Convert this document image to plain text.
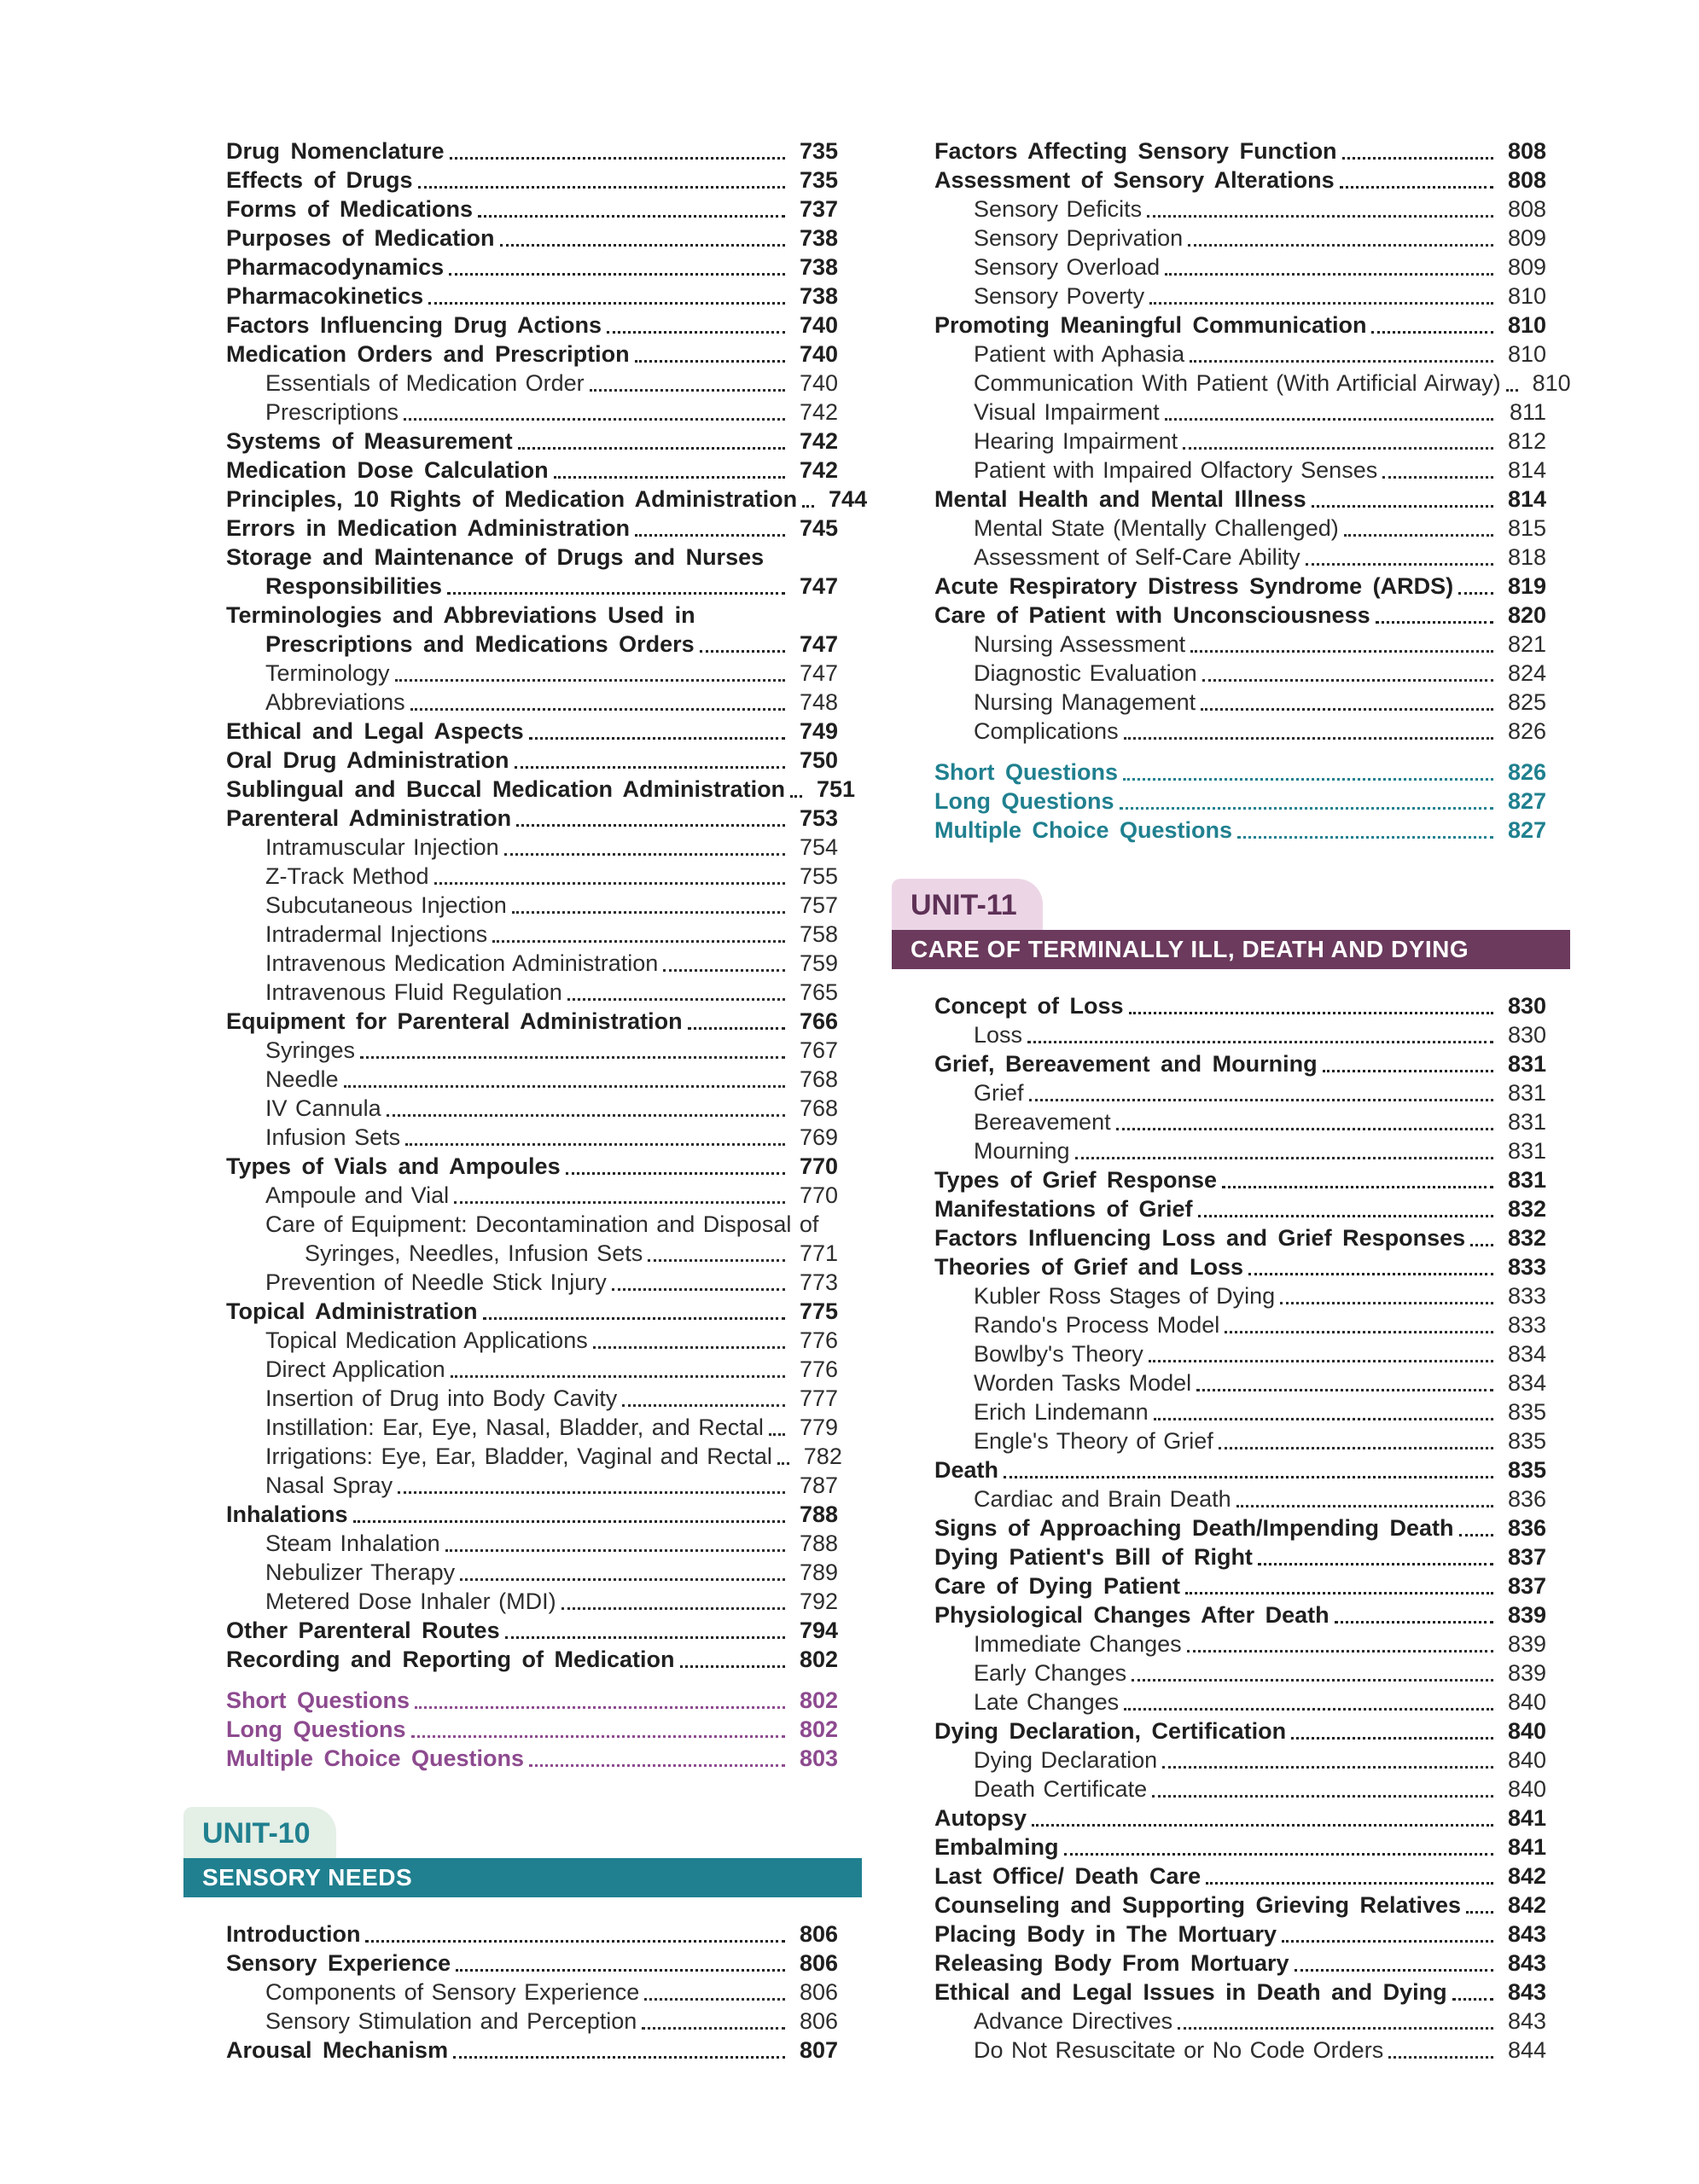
Drug Nomenclature	735
Effects of Drugs	735
Forms of Medications	737
Purposes of Medication	738
Pharmacodynamics	738
Pharmacokinetics	738
Factors Influencing Drug Actions	740
Medication Orders and Prescription	740
Essentials of Medication Order	740
Prescriptions	742
Systems of Measurement	742
Medication Dose Calculation	742
Principles, 10 Rights of Medication Administration	744
Errors in Medication Administration	745
Storage and Maintenance of Drugs and Nurses
Responsibilities	747
Terminologies and Abbreviations Used in
Prescriptions and Medications Orders	747
Terminology	747
Abbreviations	748
Ethical and Legal Aspects	749
Oral Drug Administration	750
Sublingual and Buccal Medication Administration	751
Parenteral Administration	753
Intramuscular Injection	754
Z-Track Method	755
Subcutaneous Injection	757
Intradermal Injections	758
Intravenous Medication Administration	759
Intravenous Fluid Regulation	765
Equipment for Parenteral Administration	766
Syringes	767
Needle	768
IV Cannula	768
Infusion Sets	769
Types of Vials and Ampoules	770
Ampoule and Vial	770
Care of Equipment: Decontamination and Disposal of
Syringes, Needles, Infusion Sets	771
Prevention of Needle Stick Injury	773
Topical Administration	775
Topical Medication Applications	776
Direct Application	776
Insertion of Drug into Body Cavity	777
Instillation: Ear, Eye, Nasal, Bladder, and Rectal	779
Irrigations: Eye, Ear, Bladder, Vaginal and Rectal	782
Nasal Spray	787
Inhalations	788
Steam Inhalation	788
Nebulizer Therapy	789
Metered Dose Inhaler (MDI)	792
Other Parenteral Routes	794
Recording and Reporting of Medication	802
Short Questions	802
Long Questions	802
Multiple Choice Questions	803
UNIT-10
SENSORY NEEDS
Introduction	806
Sensory Experience	806
Components of Sensory Experience	806
Sensory Stimulation and Perception	806
Arousal Mechanism	807
Factors Affecting Sensory Function	808
Assessment of Sensory Alterations	808
Sensory Deficits	808
Sensory Deprivation	809
Sensory Overload	809
Sensory Poverty	810
Promoting Meaningful Communication	810
Patient with Aphasia	810
Communication With Patient (With Artificial Airway)	810
Visual Impairment	811
Hearing Impairment	812
Patient with Impaired Olfactory Senses	814
Mental Health and Mental Illness	814
Mental State (Mentally Challenged)	815
Assessment of Self-Care Ability	818
Acute Respiratory Distress Syndrome (ARDS)	819
Care of Patient with Unconsciousness	820
Nursing Assessment	821
Diagnostic Evaluation	824
Nursing Management	825
Complications	826
Short Questions	826
Long Questions	827
Multiple Choice Questions	827
UNIT-11
CARE OF TERMINALLY ILL, DEATH AND DYING
Concept of Loss	830
Loss	830
Grief, Bereavement and Mourning	831
Grief	831
Bereavement	831
Mourning	831
Types of Grief Response	831
Manifestations of Grief	832
Factors Influencing Loss and Grief Responses	832
Theories of Grief and Loss	833
Kubler Ross Stages of Dying	833
Rando's Process Model	833
Bowlby's Theory	834
Worden Tasks Model	834
Erich Lindemann	835
Engle's Theory of Grief	835
Death	835
Cardiac and Brain Death	836
Signs of Approaching Death/Impending Death	836
Dying Patient's Bill of Right	837
Care of Dying Patient	837
Physiological Changes After Death	839
Immediate Changes	839
Early Changes	839
Late Changes	840
Dying Declaration, Certification	840
Dying Declaration	840
Death Certificate	840
Autopsy	841
Embalming	841
Last Office/ Death Care	842
Counseling and Supporting Grieving Relatives	842
Placing Body in The Mortuary	843
Releasing Body From Mortuary	843
Ethical and Legal Issues in Death and Dying	843
Advance Directives	843
Do Not Resuscitate or No Code Orders	844
